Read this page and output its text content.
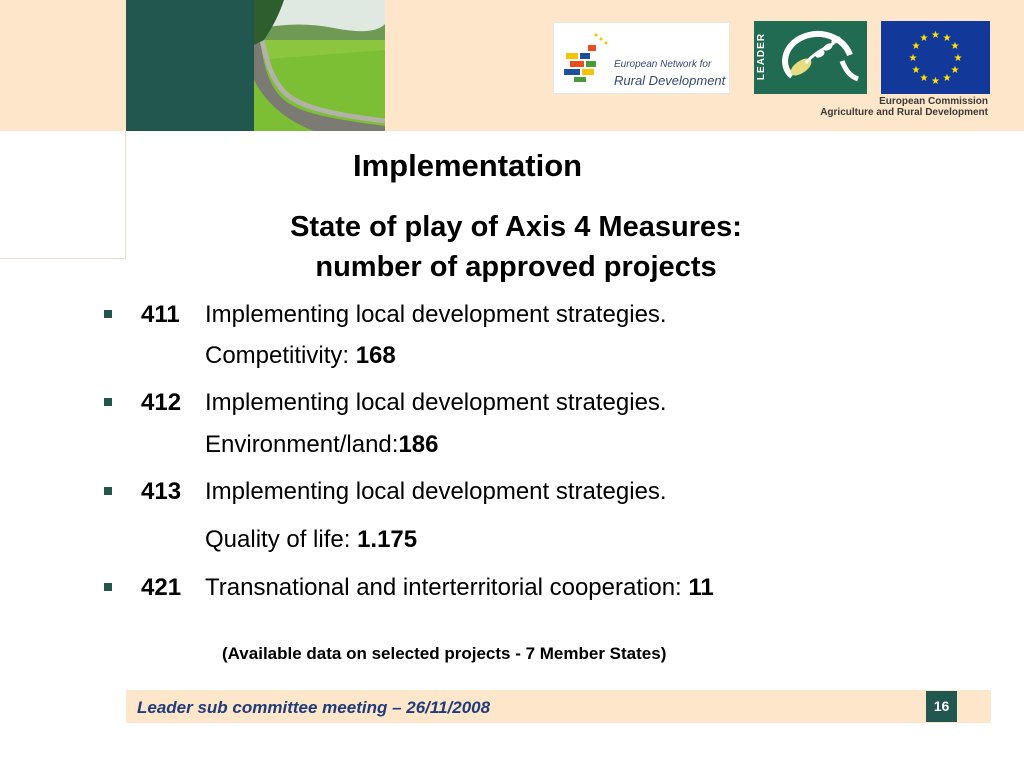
European Network for
Rural Development
LEADER	★ ★
★
★
★
★
★
★
★
★
★
★
European Commission
Agriculture and Rural Development
Implementation
State of play of Axis 4 Measures:
number of approved projects
411 Implementing local development strategies.
Competitivity: 168
412 Implementing local development strategies.
Environment/land:186
413 Implementing local development strategies.
Quality of life: 1.175
421 Transnational and interterritorial cooperation: 11
(Available data on selected projects - 7 Member States)
Leader sub committee meeting – 26/11/2008	16
